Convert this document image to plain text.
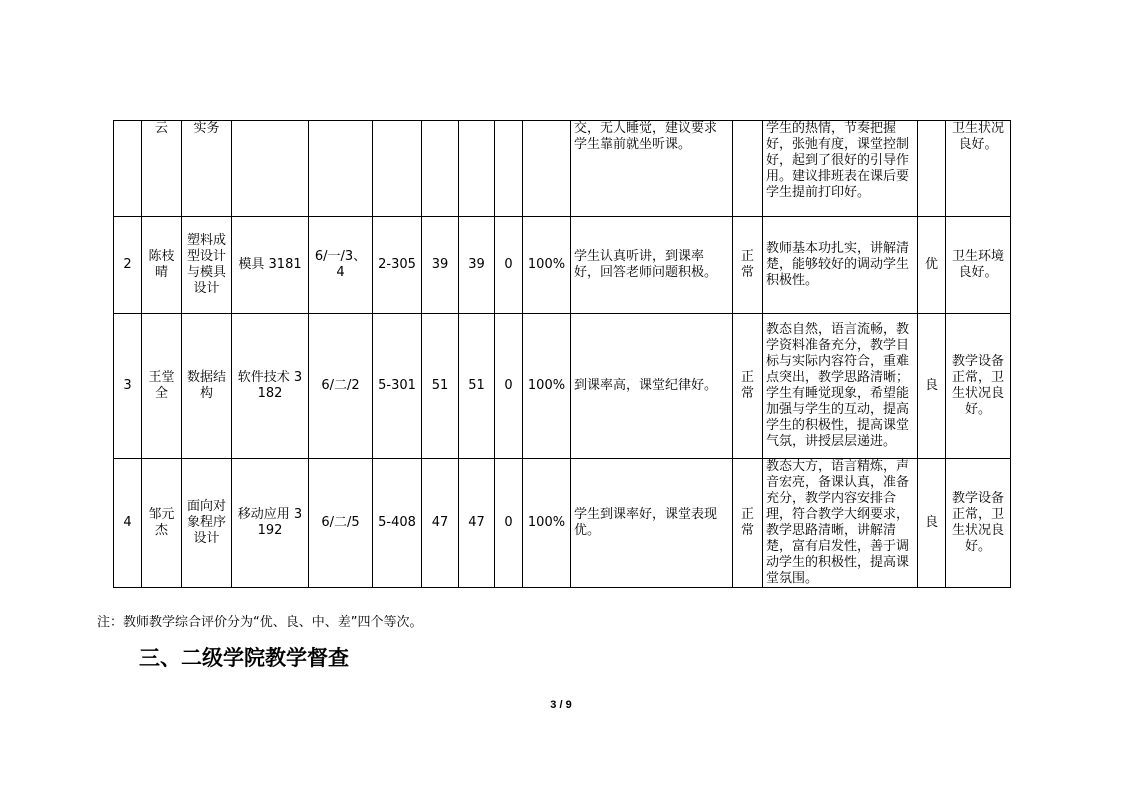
	云	实务								交，无人睡觉，建议要求学生靠前就坐听课。		学生的热情，节奏把握好，张弛有度，课堂控制好，起到了很好的引导作用。建议排班表在课后要学生提前打印好。		卫生状况良好。
2	陈枝晴	塑料成型设计与模具设计	模具 3181	6/一/3、4	2-305	39	39	0	100%	学生认真听讲，到课率好，回答老师问题积极。	正常	教师基本功扎实，讲解清楚，能够较好的调动学生积极性。	优	卫生环境良好。
3	王堂全	数据结构	软件技术 3182	6/二/2	5-301	51	51	0	100%	到课率高，课堂纪律好。	正常	教态自然，语言流畅，教学资料准备充分，教学目标与实际内容符合，重难点突出，教学思路清晰；学生有睡觉现象，希望能加强与学生的互动，提高学生的积极性，提高课堂气氛，讲授层层递进。	良	教学设备正常，卫生状况良好。
4	邹元杰	面向对象程序设计	移动应用 3192	6/二/5	5-408	47	47	0	100%	学生到课率好，课堂表现优。	正常	教态大方，语言精炼，声音宏亮，备课认真，准备充分，教学内容安排合理，符合教学大纲要求，教学思路清晰，讲解清楚，富有启发性，善于调动学生的积极性，提高课堂氛围。	良	教学设备正常，卫生状况良好。
注：教师教学综合评价分为“优、良、中、差”四个等次。
三、二级学院教学督查
3 / 9
